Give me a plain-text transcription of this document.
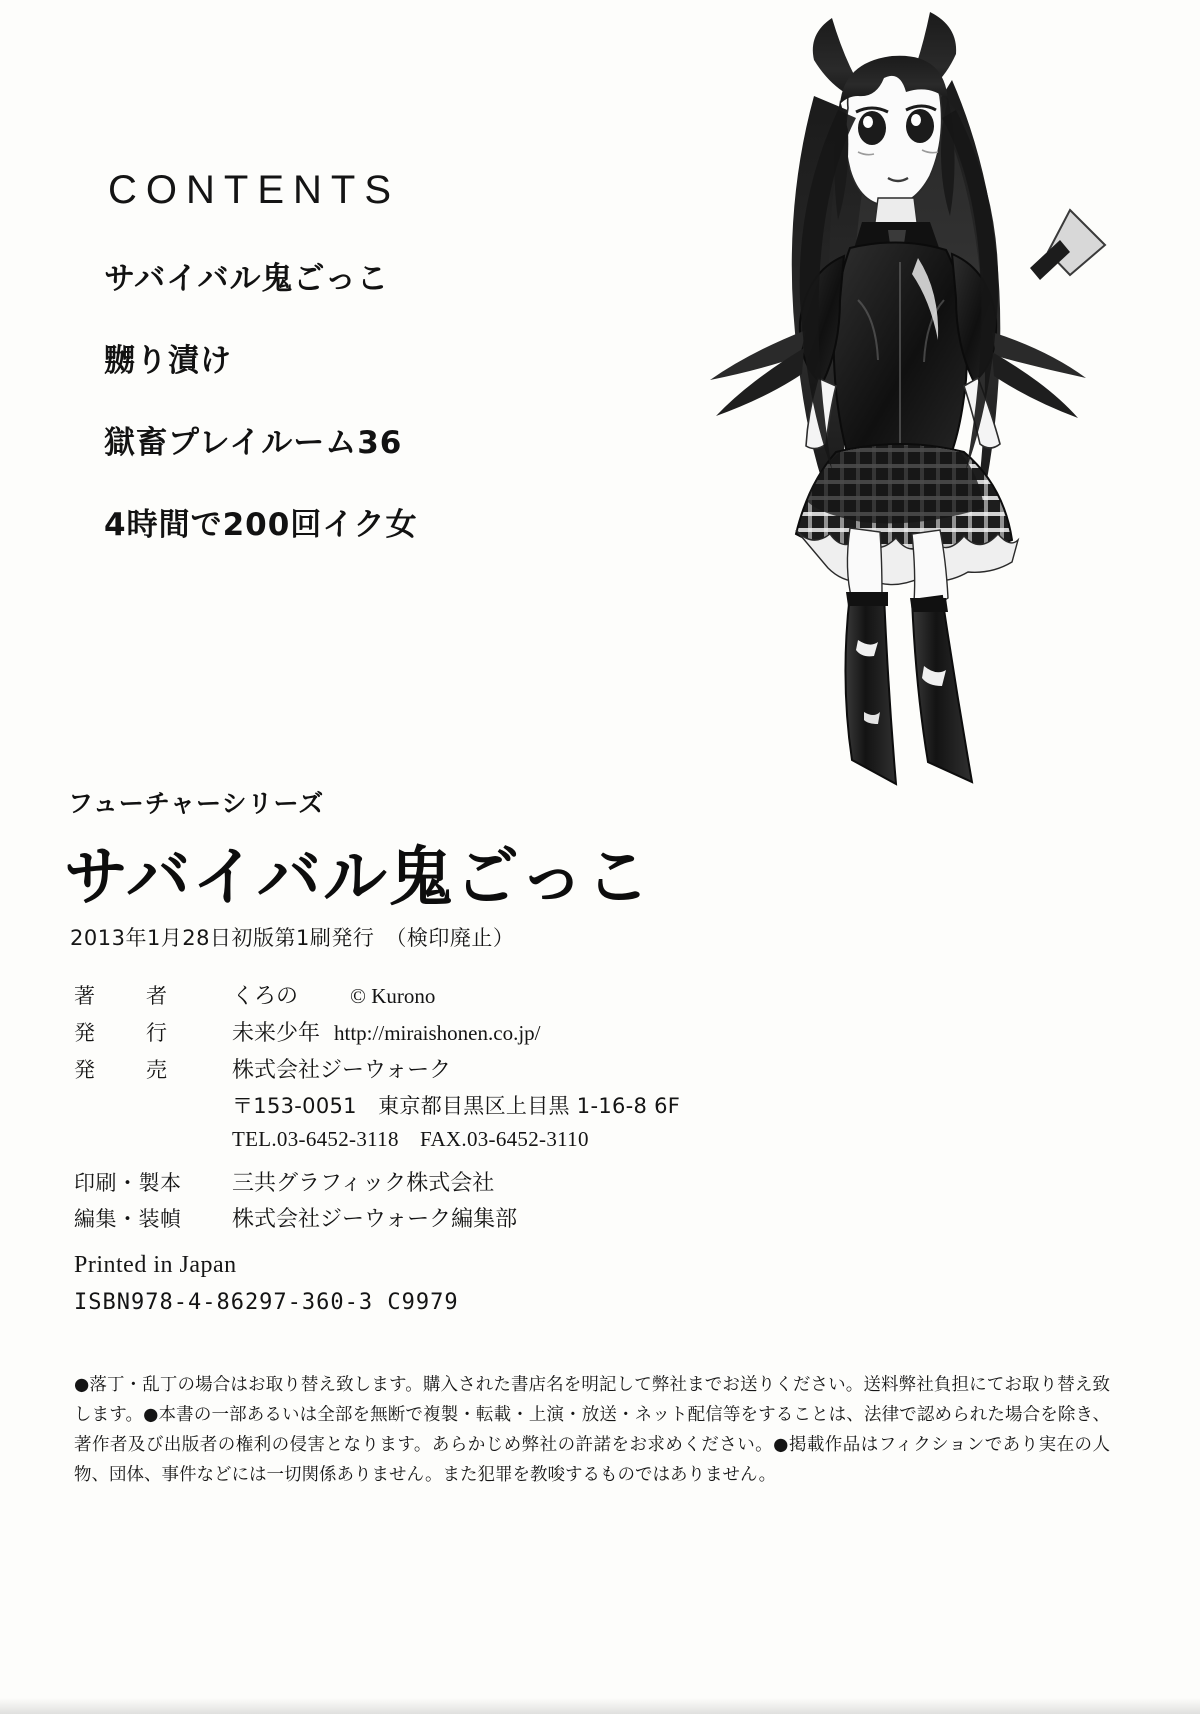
CONTENTS
サバイバル鬼ごっこ
嬲り漬け
獄畜プレイルーム36
4時間で200回イク女
フューチャーシリーズ
サバイバル鬼ごっこ
2013年1月28日初版第1刷発行　（検印廃止）
著　者	くろの © Kurono
発　行	未来少年 http://miraishonen.co.jp/
発　売	株式会社ジーウォーク
〒153-0051　東京都目黒区上目黒 1-16-8 6F
TEL.03-6452-3118　FAX.03-6452-3110
印刷・製本	三共グラフィック株式会社
編集・装幀	株式会社ジーウォーク編集部
Printed in Japan
ISBN978-4-86297-360-3 C9979

●落丁・乱丁の場合はお取り替え致します。購入された書店名を明記して弊社までお送りください。送料弊社負担にてお取り替え致します。●本書の一部あるいは全部を無断で複製・転載・上演・放送・ネット配信等をすることは、法律で認められた場合を除き、著作者及び出版者の権利の侵害となります。あらかじめ弊社の許諾をお求めください。●掲載作品はフィクションであり実在の人物、団体、事件などには一切関係ありません。また犯罪を教唆するものではありません。
